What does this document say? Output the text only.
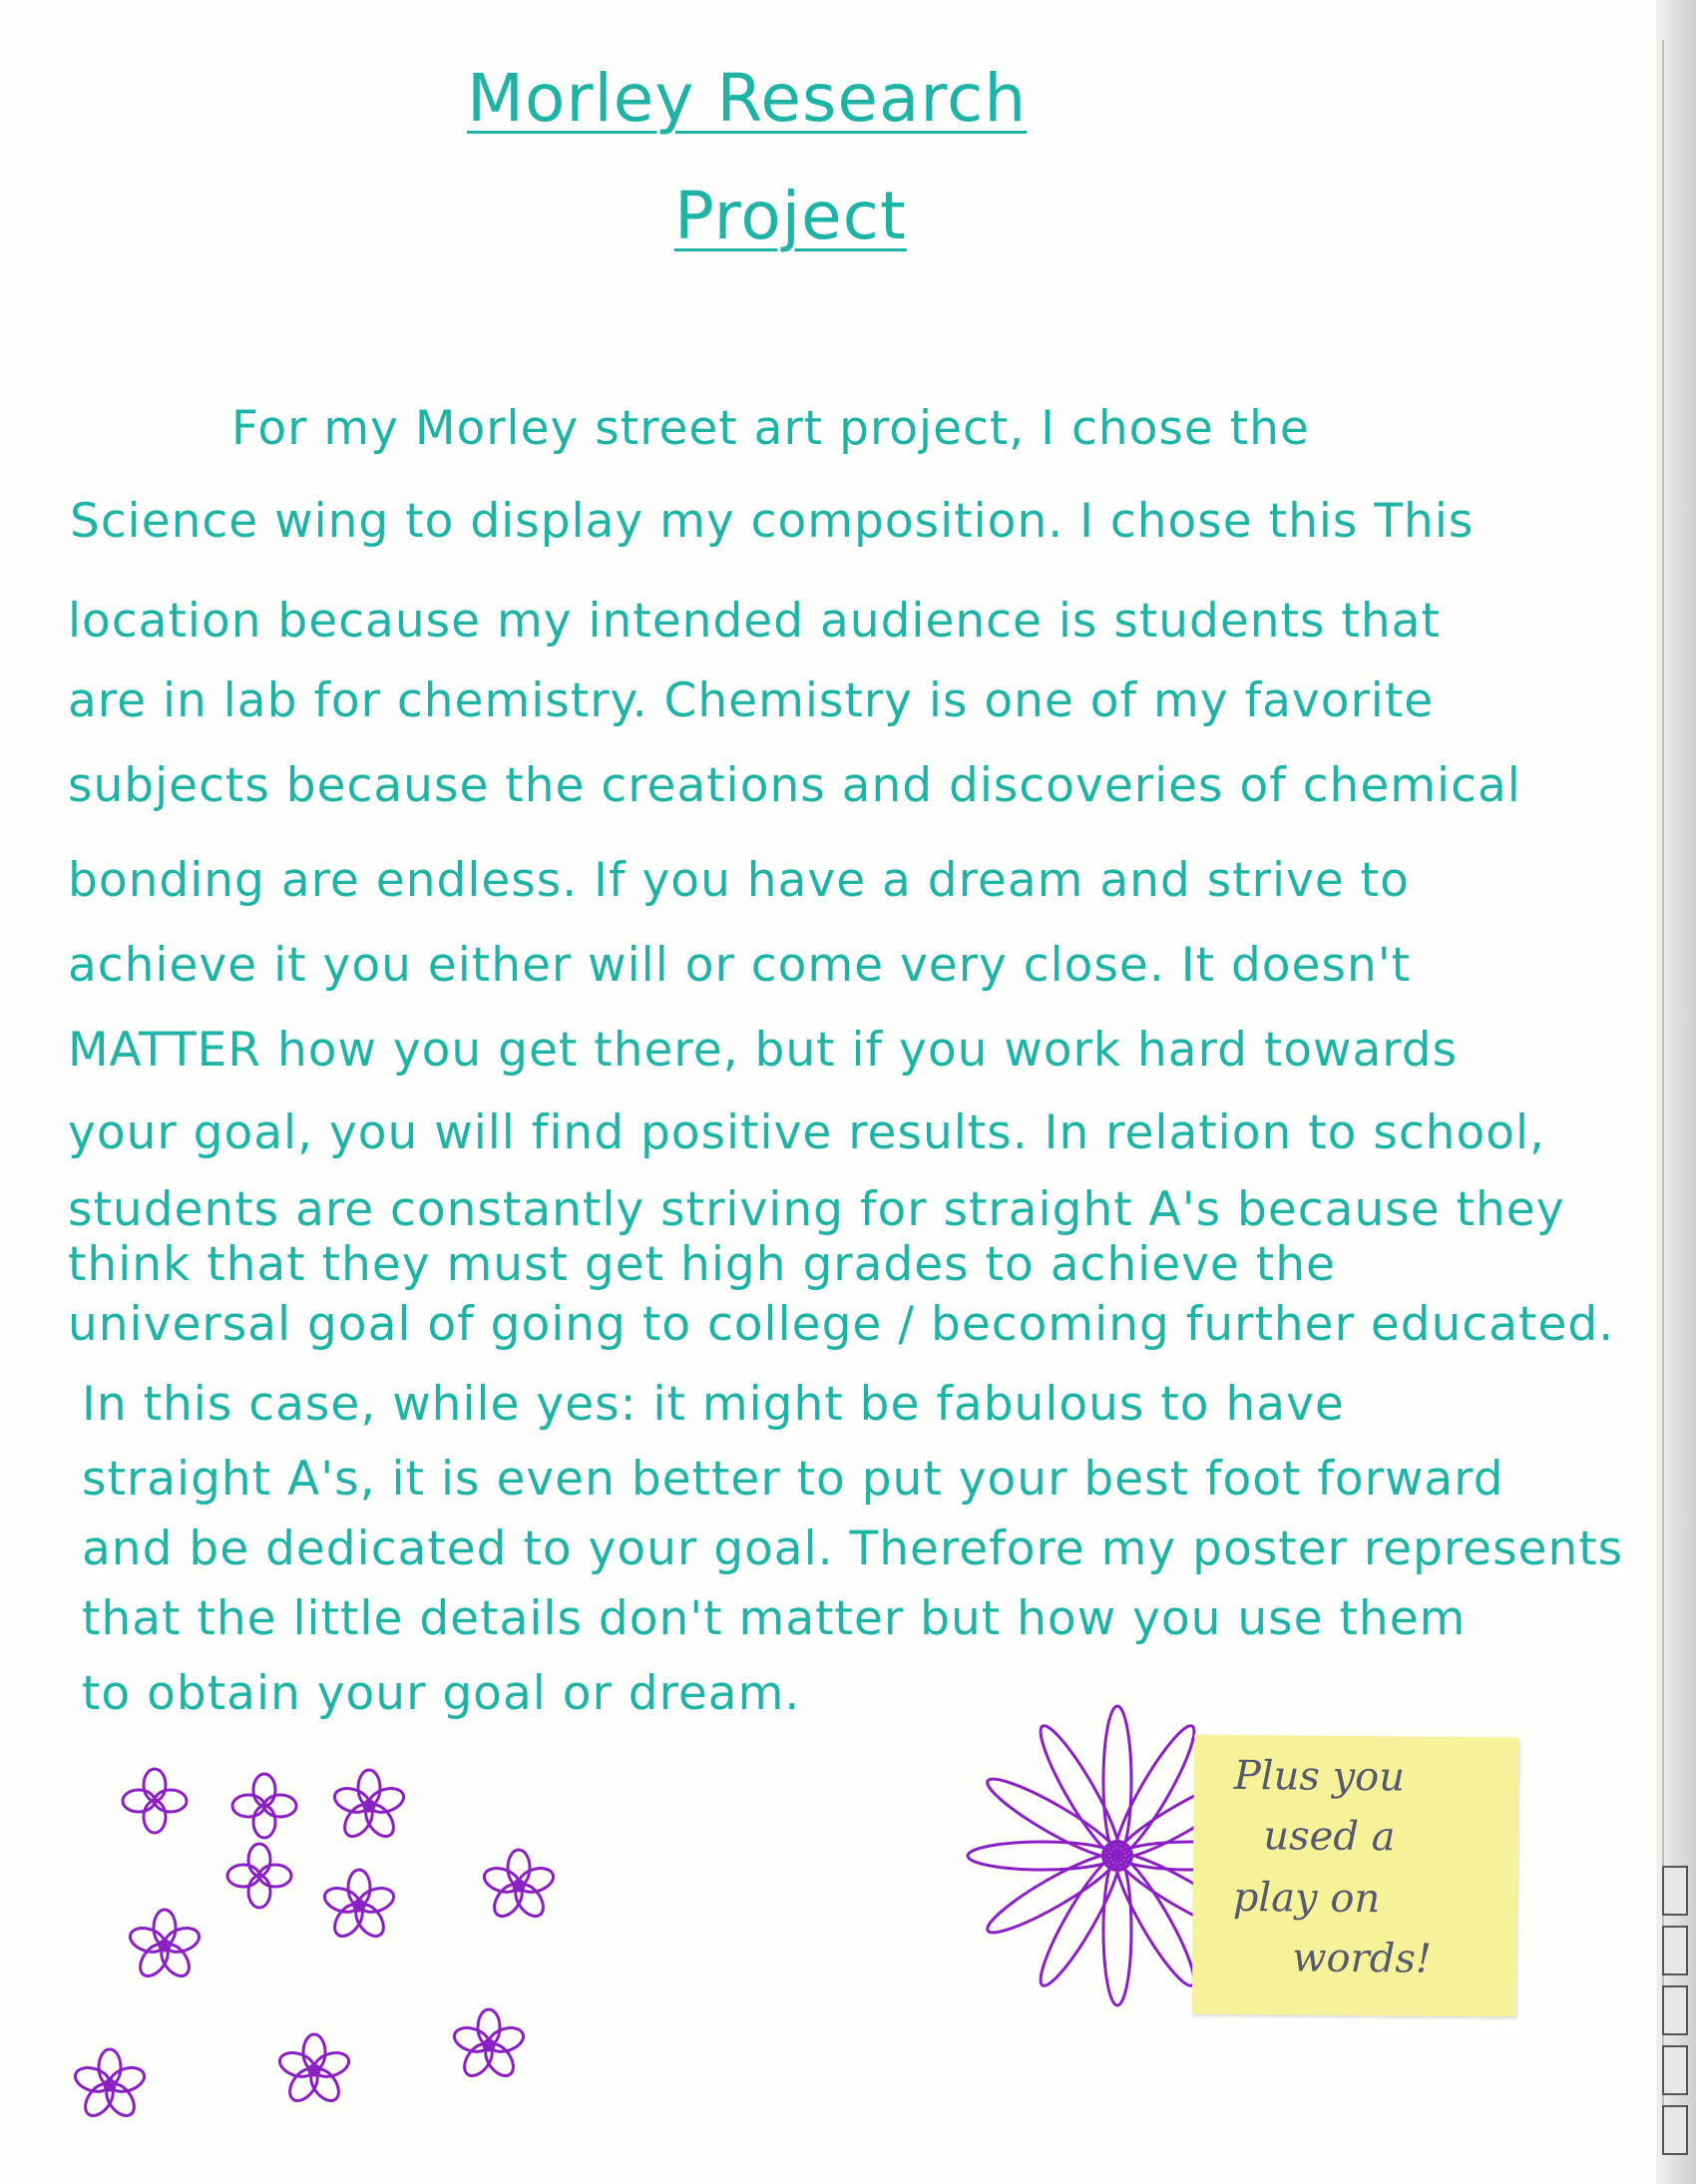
Morley Research
Project
For my Morley street art project, I chose the
Science wing to display my composition. I chose this This
location because my intended audience is students that
are in lab for chemistry. Chemistry is one of my favorite
subjects because the creations and discoveries of chemical
bonding are endless. If you have a dream and strive to
achieve it you either will or come very close. It doesn't
MATTER how you get there, but if you work hard towards
your goal, you will find positive results. In relation to school,
students are constantly striving for straight A's because they
think that they must get high grades to achieve the
universal goal of going to college / becoming further educated.
In this case, while yes: it might be fabulous to have
straight A's, it is even better to put your best foot forward
and be dedicated to your goal. Therefore my poster represents
that the little details don't matter but how you use them
to obtain your goal or dream.
Plus you
used a
play on
words!
